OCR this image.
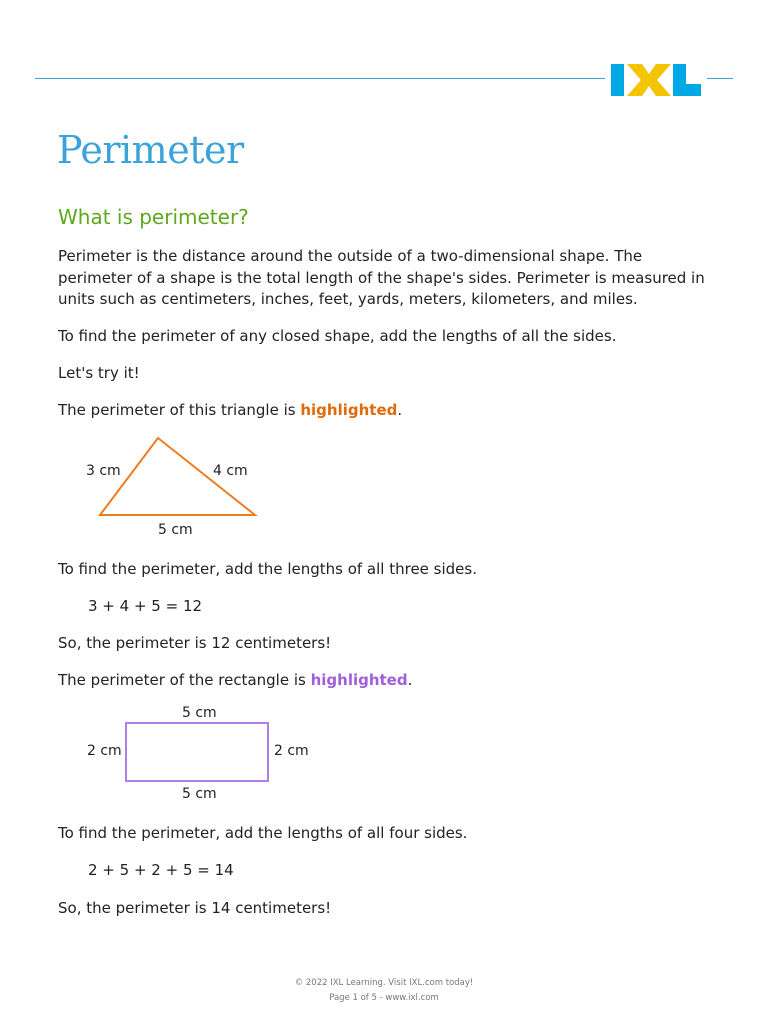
Perimeter
What is perimeter?

Perimeter is the distance around the outside of a two-dimensional shape. The

perimeter of a shape is the total length of the shape's sides. Perimeter is measured in

units such as centimeters, inches, feet, yards, meters, kilometers, and miles.

To find the perimeter of any closed shape, add the lengths of all the sides.

Let's try it!

The perimeter of this triangle is highlighted.

3 cm	4 cm
5 cm

To find the perimeter, add the lengths of all three sides.

3 + 4 + 5 = 12

So, the perimeter is 12 centimeters!

The perimeter of the rectangle is highlighted.

5 cm
2 cm	2 cm
5 cm

To find the perimeter, add the lengths of all four sides.

2 + 5 + 2 + 5 = 14

So, the perimeter is 14 centimeters!

© 2022 IXL Learning. Visit IXL.com today!
Page 1 of 5 - www.ixl.com
